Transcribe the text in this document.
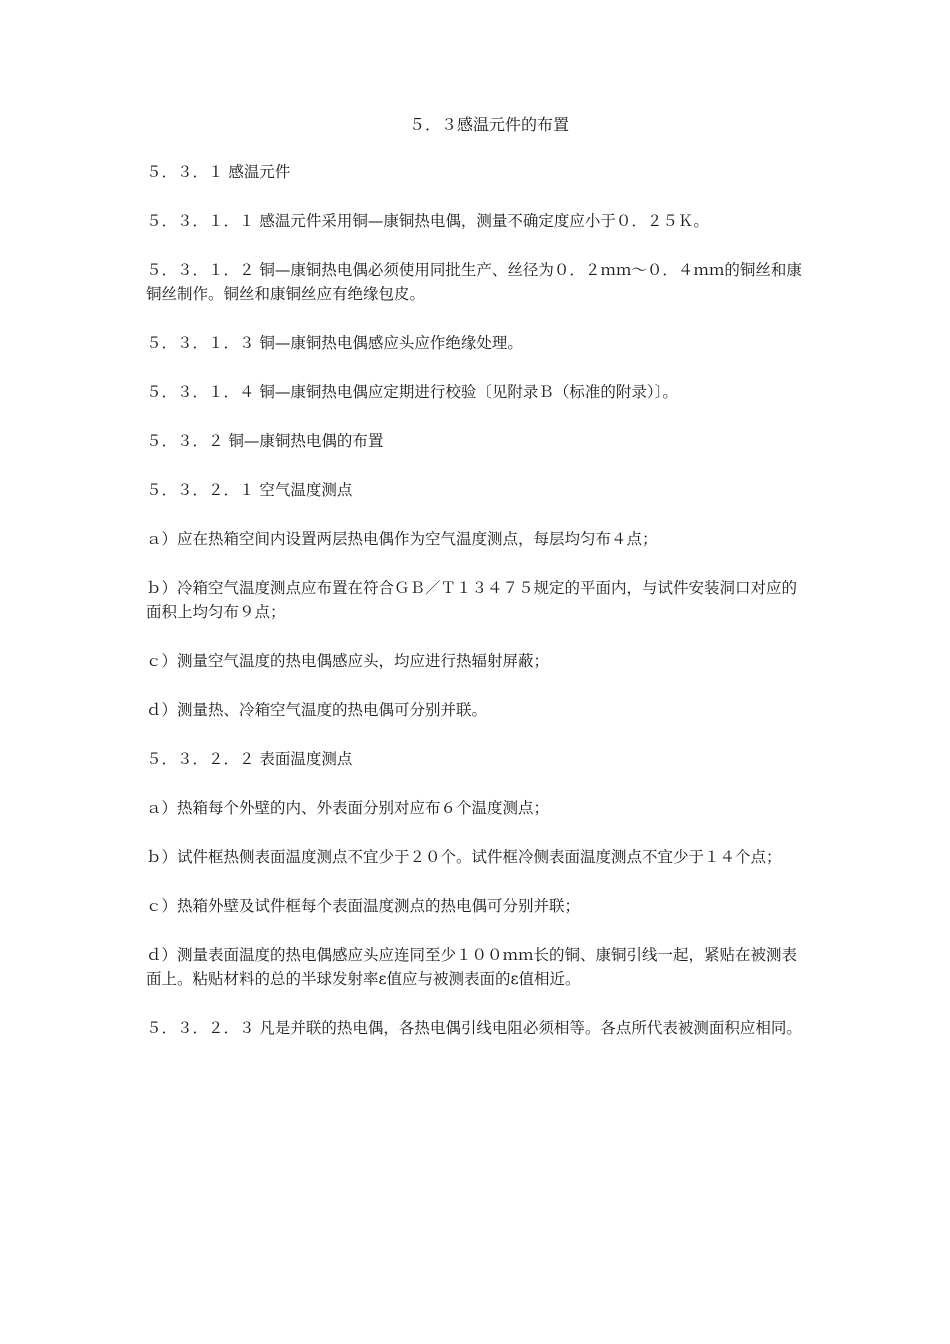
５．３感温元件的布置

５．３．１ 感温元件

５．３．１．１ 感温元件采用铜—康铜热电偶，测量不确定度应小于０．２５Ｋ。

５．３．１．２ 铜—康铜热电偶必须使用同批生产、丝径为０．２ｍｍ～０．４ｍｍ的铜丝和康铜丝制作。铜丝和康铜丝应有绝缘包皮。

５．３．１．３ 铜—康铜热电偶感应头应作绝缘处理。

５．３．１．４ 铜—康铜热电偶应定期进行校验〔见附录Ｂ（标准的附录）〕。

５．３．２ 铜—康铜热电偶的布置

５．３．２．１ 空气温度测点

ａ）应在热箱空间内设置两层热电偶作为空气温度测点，每层均匀布４点；

ｂ）冷箱空气温度测点应布置在符合ＧＢ／Ｔ１３４７５规定的平面内，与试件安装洞口对应的面积上均匀布９点；

ｃ）测量空气温度的热电偶感应头，均应进行热辐射屏蔽；

ｄ）测量热、冷箱空气温度的热电偶可分别并联。

５．３．２．２ 表面温度测点

ａ）热箱每个外壁的内、外表面分别对应布６个温度测点；

ｂ）试件框热侧表面温度测点不宜少于２０个。试件框冷侧表面温度测点不宜少于１４个点；

ｃ）热箱外壁及试件框每个表面温度测点的热电偶可分别并联；

ｄ）测量表面温度的热电偶感应头应连同至少１００ｍｍ长的铜、康铜引线一起，紧贴在被测表面上。粘贴材料的总的半球发射率ε值应与被测表面的ε值相近。

５．３．２．３ 凡是并联的热电偶，各热电偶引线电阻必须相等。各点所代表被测面积应相同。
